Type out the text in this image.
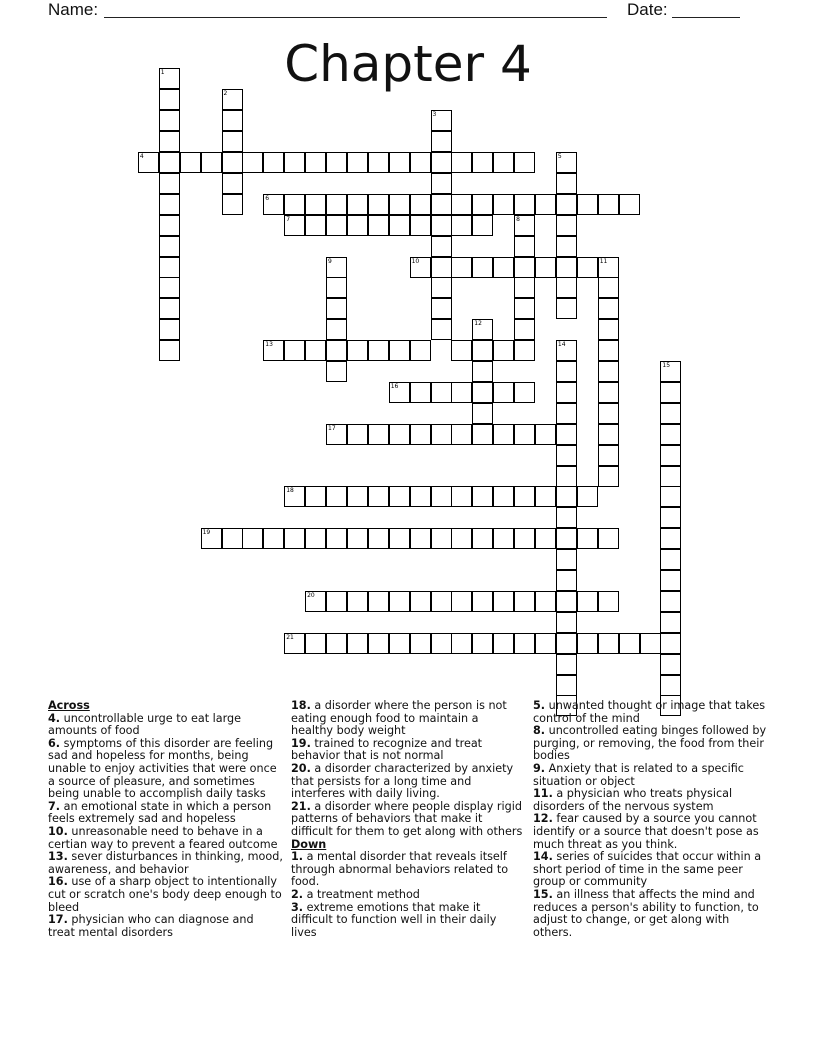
Name:	Date:
Chapter 4
1
2
3
4	5
6
7	8
9	10	11
12
13	14
15
16
17
18
19
20
21
Across

4. uncontrollable urge to eat large amounts of food

6. symptoms of this disorder are feeling sad and hopeless for months, being unable to enjoy activities that were once a source of pleasure, and sometimes being unable to accomplish daily tasks

7. an emotional state in which a person feels extremely sad and hopeless

10. unreasonable need to behave in a certian way to prevent a feared outcome

13. sever disturbances in thinking, mood, awareness, and behavior

16. use of a sharp object to intentionally cut or scratch one's body deep enough to bleed

17. physician who can diagnose and treat mental disorders

18. a disorder where the person is not eating enough food to maintain a healthy body weight

19. trained to recognize and treat behavior that is not normal

20. a disorder characterized by anxiety that persists for a long time and interferes with daily living.

21. a disorder where people display rigid patterns of behaviors that make it difficult for them to get along with others

Down

1. a mental disorder that reveals itself through abnormal behaviors related to food.

2. a treatment method

3. extreme emotions that make it difficult to function well in their daily lives

5. unwanted thought or image that takes control of the mind

8. uncontrolled eating binges followed by purging, or removing, the food from their bodies

9. Anxiety that is related to a specific situation or object

11. a physician who treats physical disorders of the nervous system

12. fear caused by a source you cannot identify or a source that doesn't pose as much threat as you think.

14. series of suicides that occur within a short period of time in the same peer group or community

15. an illness that affects the mind and reduces a person's ability to function, to adjust to change, or get along with others.
